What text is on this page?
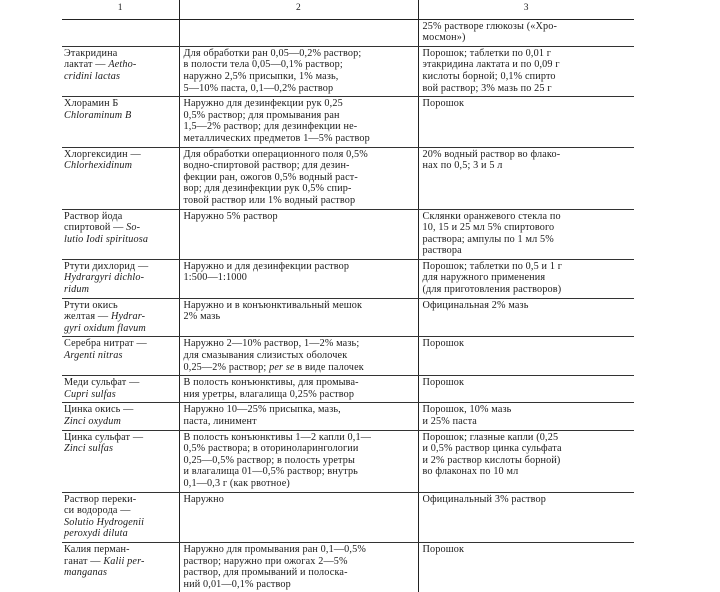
1	2	3

		25% растворе глюкозы («Хро-
мосмон»)

Этакридина
лактат — Aetho-
cridini lactas	Для обработки ран 0,05—0,2% раствор;
в полости тела 0,05—0,1% раствор;
наружно 2,5% присыпки, 1% мазь,
5—10% паста, 0,1—0,2% раствор	Порошок; таблетки по 0,01 г
этакридина лактата и по 0,09 г
кислоты борной; 0,1% спирто
вой раствор; 3% мазь по 25 г

Хлорамин Б
Chloraminum B	Наружно для дезинфекции рук 0,25
0,5% раствор; для промывания ран
1,5—2% раствор; для дезинфекции не-
металлических предметов 1—5% раствор	Порошок

Хлоргексидин —
Chlorhexidinum	Для обработки операционного поля 0,5%
водно-спиртовой раствор; для дезин-
фекции ран, ожогов 0,5% водный раст-
вор; для дезинфекции рук 0,5% спир-
товой раствор или 1% водный раствор	20% водный раствор во флако-
нах по 0,5; 3 и 5 л

Раствор йода
спиртовой — So-
lutio Iodi spirituosa	Наружно 5% раствор	Склянки оранжевого стекла по
10, 15 и 25 мл 5% спиртового
раствора; ампулы по 1 мл 5%
раствора

Ртути дихлорид —
Hydrargyri dichlo-
ridum	Наружно и для дезинфекции раствор
1:500—1:1000	Порошок; таблетки по 0,5 и 1 г
для наружного применения
(для приготовления растворов)

Ртути окись
желтая — Hydrar-
gyri oxidum flavum	Наружно и в конъюнктивальный мешок
2% мазь	Официнальная 2% мазь

Серебра нитрат —
Argenti nitras	Наружно 2—10% раствор, 1—2% мазь;
для смазывания слизистых оболочек
0,25—2% раствор; per se в виде палочек	Порошок

Меди сульфат —
Cupri sulfas	В полость конъюнктивы, для промыва-
ния уретры, влагалища 0,25% раствор	Порошок

Цинка окись —
Zinci oxydum	Наружно 10—25% присыпка, мазь,
паста, линимент	Порошок, 10% мазь
и 25% паста

Цинка сульфат —
Zinci sulfas	В полость конъюнктивы 1—2 капли 0,1—
0,5% раствора; в оториноларингологии
0,25—0,5% раствор; в полость уретры
и влагалища 01—0,5% раствор; внутрь
0,1—0,3 г (как рвотное)	Порошок; глазные капли (0,25
и 0,5% раствор цинка сульфата
и 2% раствор кислоты борной)
во флаконах по 10 мл

Раствор переки-
си водорода —
Solutio Hydrogenii
peroxydi diluta	Наружно	Официнальный 3% раствор

Калия перман-
ганат — Kalii per-
manganas	Наружно для промывания ран 0,1—0,5%
раствор; наружно при ожогах 2—5%
раствор, для промываний и полоска-
ний 0,01—0,1% раствор	Порошок
